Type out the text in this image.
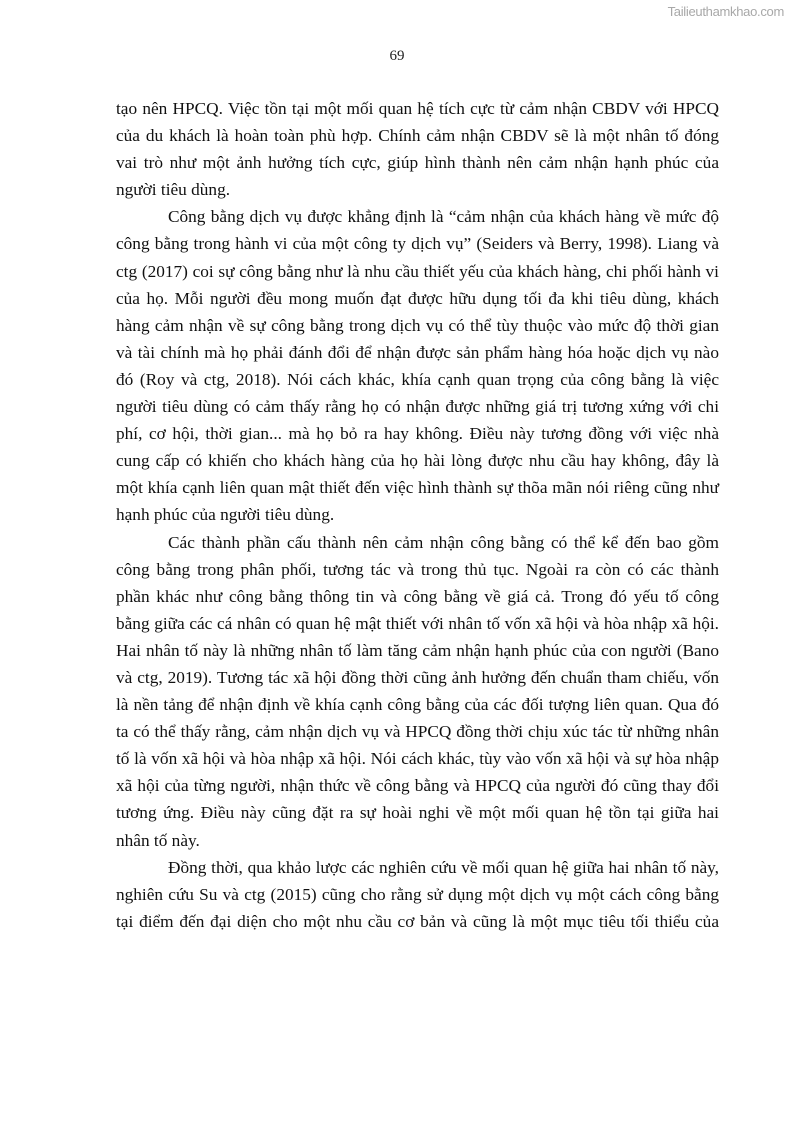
Tailieuthamkhao.com
69
tạo nên HPCQ. Việc tồn tại một mối quan hệ tích cực từ cảm nhận CBDV với HPCQ
của du khách là hoàn toàn phù hợp. Chính cảm nhận CBDV sẽ là một nhân tố đóng
vai trò như một ảnh hưởng tích cực, giúp hình thành nên cảm nhận hạnh phúc của
người tiêu dùng.
Công bằng dịch vụ được khẳng định là “cảm nhận của khách hàng về mức độ
công bằng trong hành vi của một công ty dịch vụ” (Seiders và Berry, 1998). Liang và
ctg (2017) coi sự công bằng như là nhu cầu thiết yếu của khách hàng, chi phối hành vi
của họ. Mỗi người đều mong muốn đạt được hữu dụng tối đa khi tiêu dùng, khách
hàng cảm nhận về sự công bằng trong dịch vụ có thể tùy thuộc vào mức độ thời gian
và tài chính mà họ phải đánh đổi để nhận được sản phẩm hàng hóa hoặc dịch vụ nào
đó (Roy và ctg, 2018). Nói cách khác, khía cạnh quan trọng của công bằng là việc
người tiêu dùng có cảm thấy rằng họ có nhận được những giá trị tương xứng với chi
phí, cơ hội, thời gian... mà họ bỏ ra hay không. Điều này tương đồng với việc nhà
cung cấp có khiến cho khách hàng của họ hài lòng được nhu cầu hay không, đây là
một khía cạnh liên quan mật thiết đến việc hình thành sự thõa mãn nói riêng cũng như
hạnh phúc của người tiêu dùng.
Các thành phần cấu thành nên cảm nhận công bằng có thể kể đến bao gồm
công bằng trong phân phối, tương tác và trong thủ tục. Ngoài ra còn có các thành
phần khác như công bằng thông tin và công bằng về giá cả. Trong đó yếu tố công
bằng giữa các cá nhân có quan hệ mật thiết với nhân tố vốn xã hội và hòa nhập xã hội.
Hai nhân tố này là những nhân tố làm tăng cảm nhận hạnh phúc của con người (Bano
và ctg, 2019). Tương tác xã hội đồng thời cũng ảnh hưởng đến chuẩn tham chiếu, vốn
là nền tảng để nhận định về khía cạnh công bằng của các đối tượng liên quan. Qua đó
ta có thể thấy rằng, cảm nhận dịch vụ và HPCQ đồng thời chịu xúc tác từ những nhân
tố là vốn xã hội và hòa nhập xã hội. Nói cách khác, tùy vào vốn xã hội và sự hòa nhập
xã hội của từng người, nhận thức về công bằng và HPCQ của người đó cũng thay đổi
tương ứng. Điều này cũng đặt ra sự hoài nghi về một mối quan hệ tồn tại giữa hai
nhân tố này.
Đồng thời, qua khảo lược các nghiên cứu về mối quan hệ giữa hai nhân tố này,
nghiên cứu Su và ctg (2015) cũng cho rằng sử dụng một dịch vụ một cách công bằng
tại điểm đến đại diện cho một nhu cầu cơ bản và cũng là một mục tiêu tối thiểu của
